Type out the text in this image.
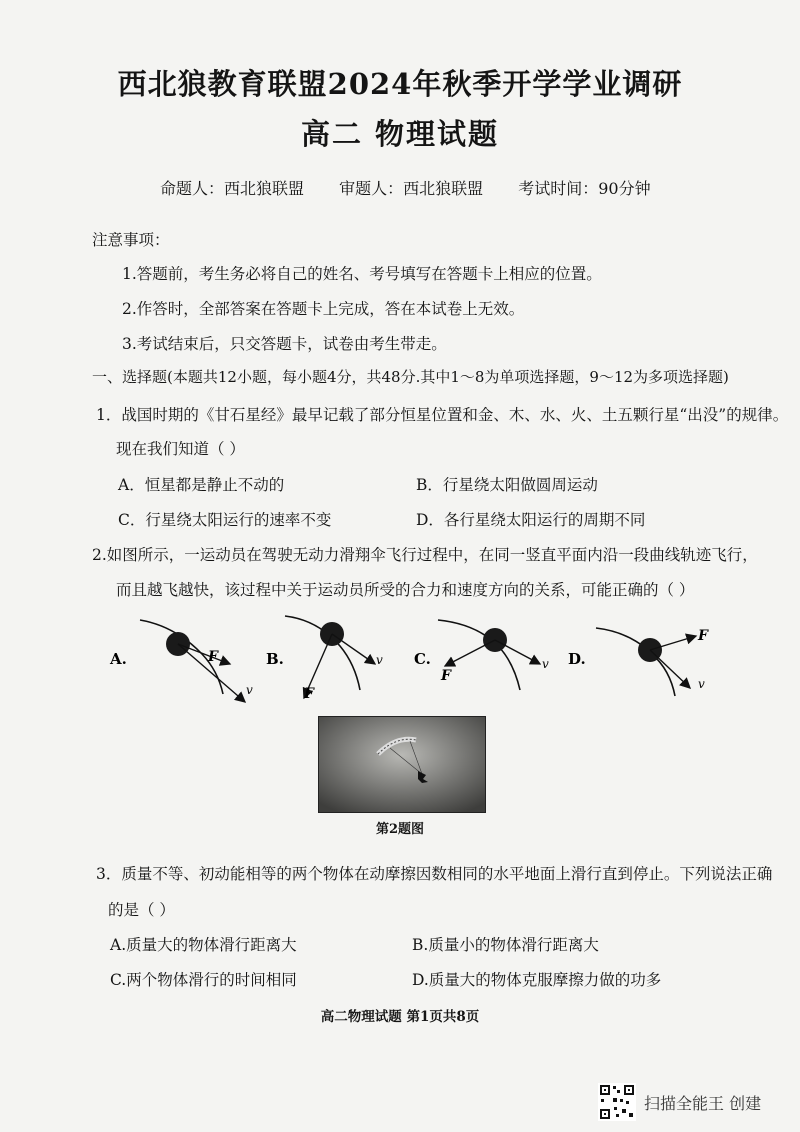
西北狼教育联盟2024年秋季开学学业调研
高二 物理试题
命题人：西北狼联盟 审题人：西北狼联盟 考试时间：90分钟
注意事项：
1.答题前，考生务必将自己的姓名、考号填写在答题卡上相应的位置。
2.作答时，全部答案在答题卡上完成，答在本试卷上无效。
3.考试结束后，只交答题卡，试卷由考生带走。
一、选择题(本题共12小题，每小题4分，共48分.其中1～8为单项选择题，9～12为多项选择题)
1．战国时期的《甘石星经》最早记载了部分恒星位置和金、木、水、火、土五颗行星“出没”的规律。
现在我们知道（ ）
A．恒星都是静止不动的	B．行星绕太阳做圆周运动
C．行星绕太阳运行的速率不变	D．各行星绕太阳运行的周期不同
2.如图所示，一运动员在驾驶无动力滑翔伞飞行过程中，在同一竖直平面内沿一段曲线轨迹飞行，
而且越飞越快，该过程中关于运动员所受的合力和速度方向的关系，可能正确的（ ）
A.	F
v
B.	v
F
C.	v
F
D.
F
v
第2题图
3．质量不等、初动能相等的两个物体在动摩擦因数相同的水平地面上滑行直到停止。下列说法正确
的是（ ）
A.质量大的物体滑行距离大	B.质量小的物体滑行距离大
C.两个物体滑行的时间相同	D.质量大的物体克服摩擦力做的功多
高二物理试题 第1页共8页
扫描全能王 创建
